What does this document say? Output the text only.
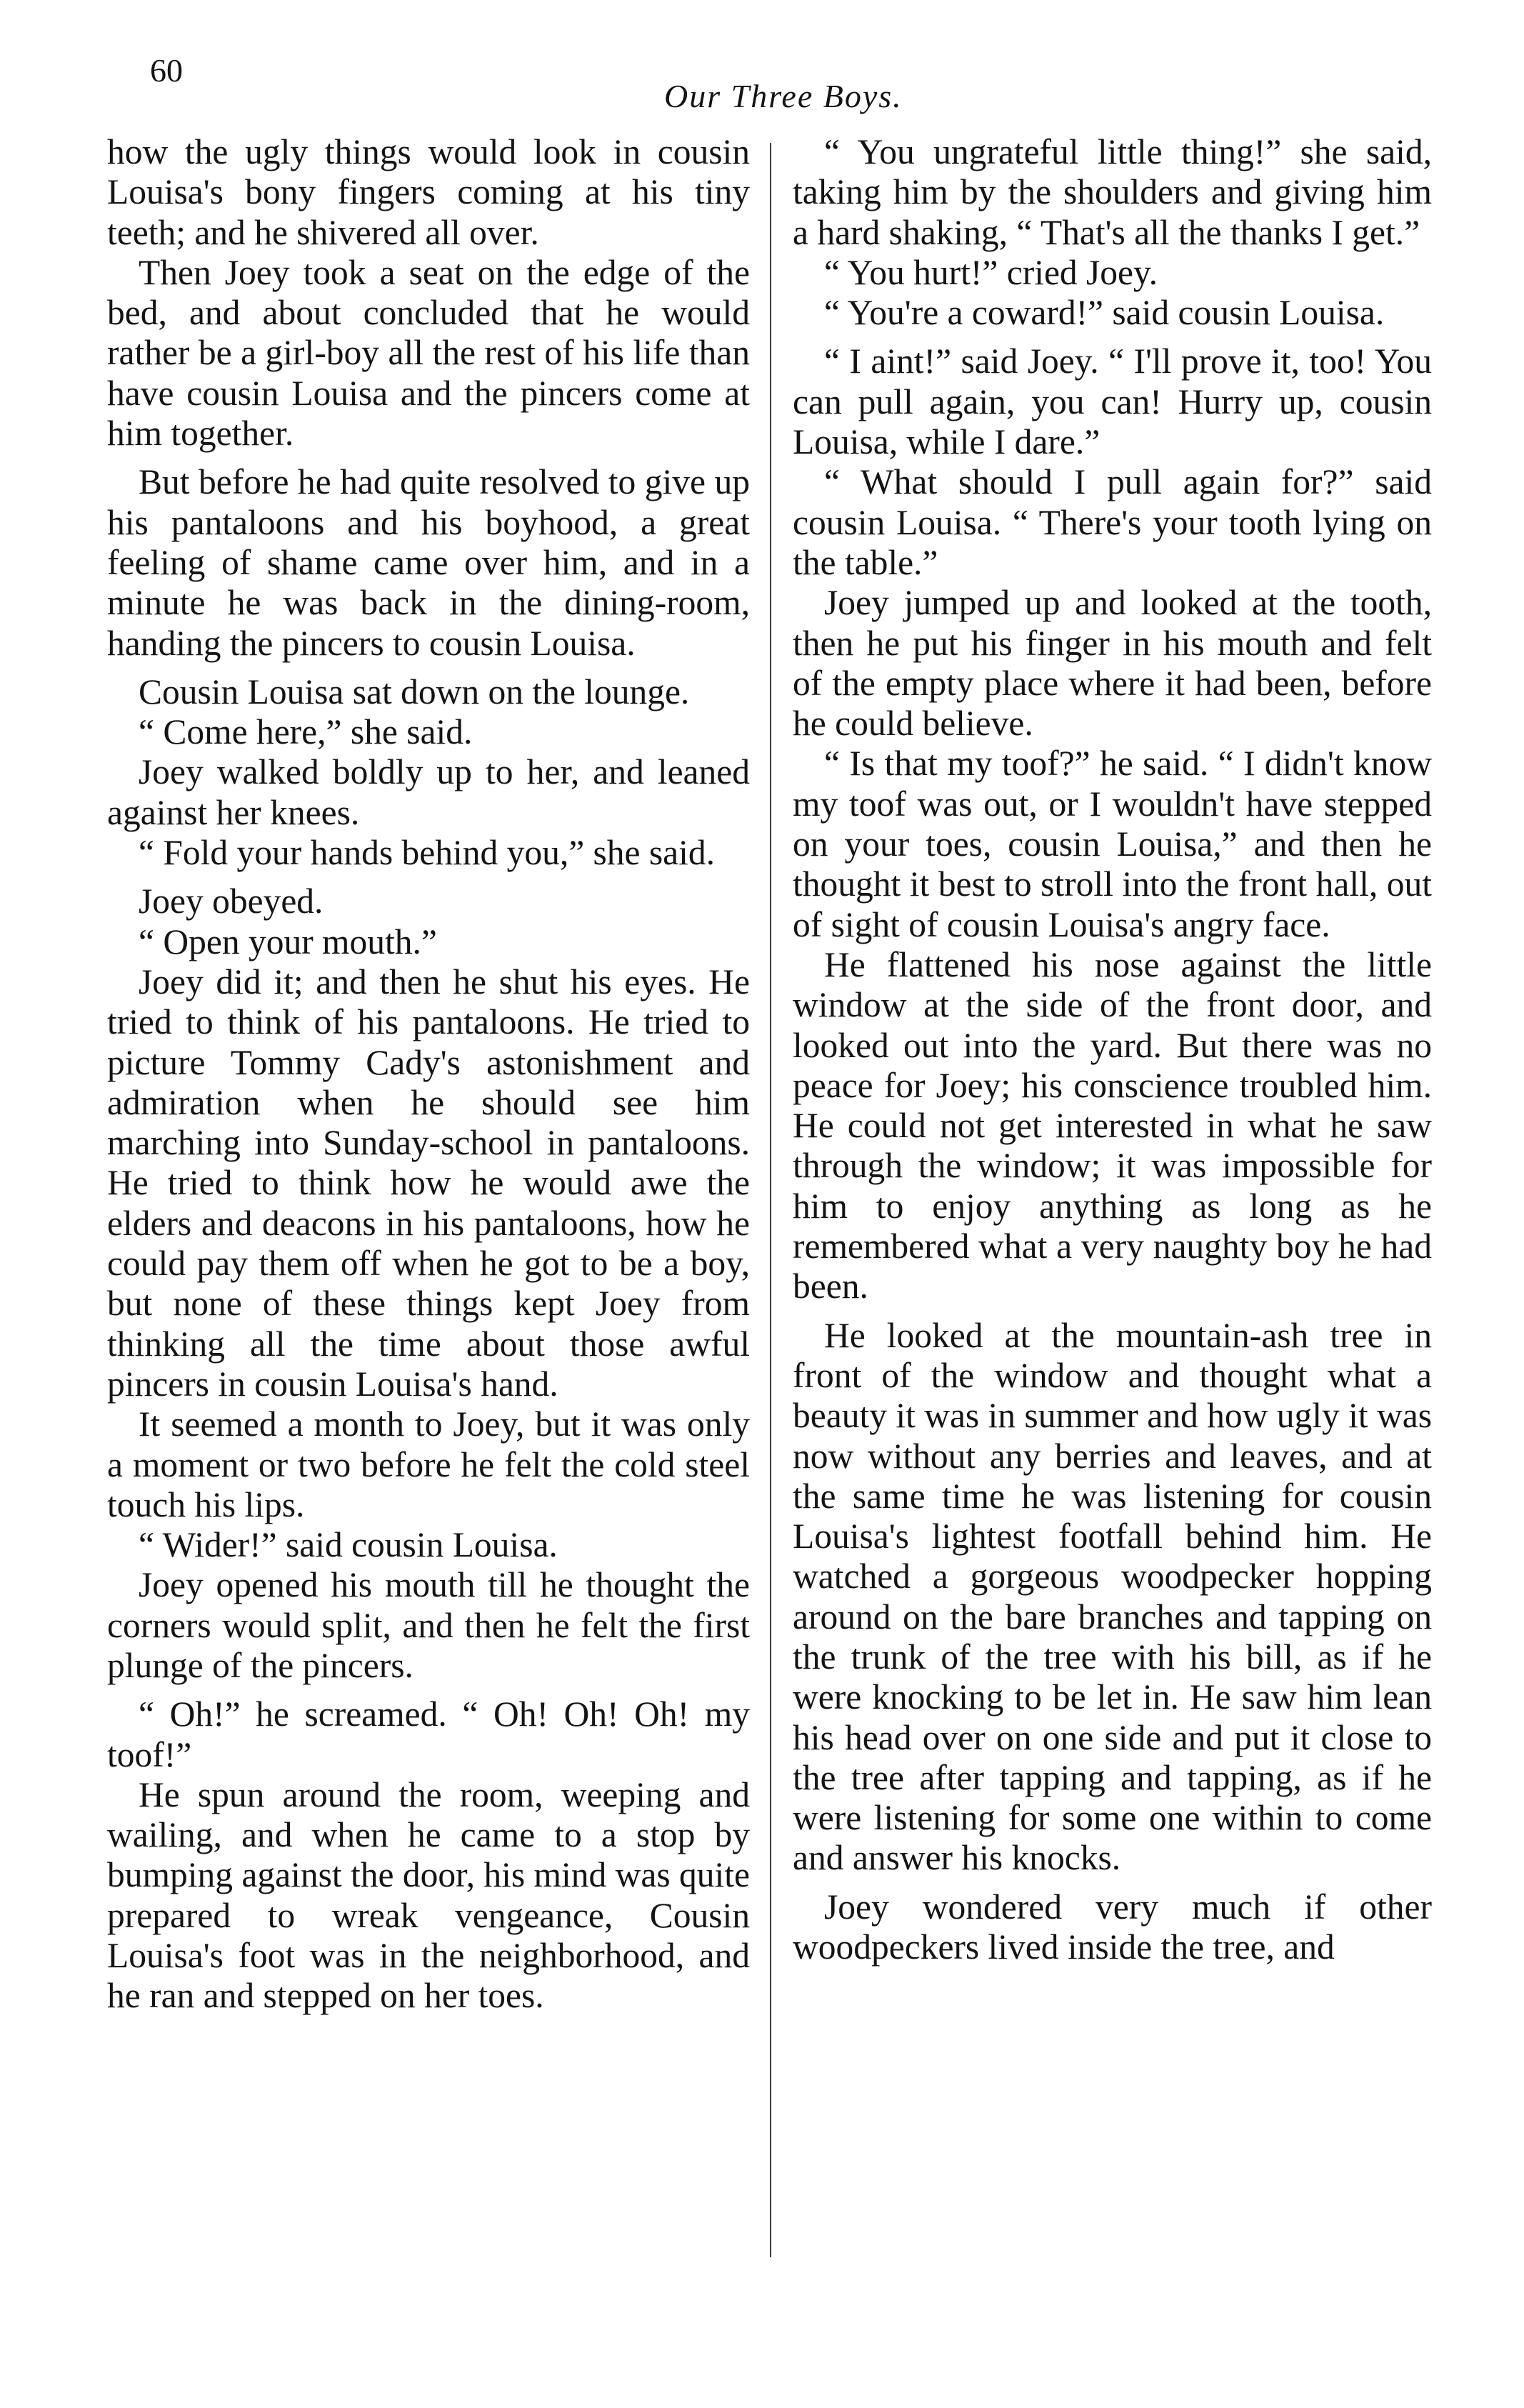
60
Our Three Boys.

how the ugly things would look in cousin Louisa's bony fingers coming at his tiny teeth; and he shivered all over.

Then Joey took a seat on the edge of the bed, and about concluded that he would rather be a girl-boy all the rest of his life than have cousin Louisa and the pincers come at him together.

But before he had quite resolved to give up his pantaloons and his boyhood, a great feeling of shame came over him, and in a minute he was back in the dining-room, handing the pincers to cousin Louisa.

Cousin Louisa sat down on the lounge.

“ Come here,” she said.

Joey walked boldly up to her, and leaned against her knees.

“ Fold your hands behind you,” she said.

Joey obeyed.

“ Open your mouth.”

Joey did it; and then he shut his eyes. He tried to think of his pantaloons. He tried to picture Tommy Cady's astonishment and admiration when he should see him marching into Sunday-school in pantaloons. He tried to think how he would awe the elders and deacons in his pantaloons, how he could pay them off when he got to be a boy, but none of these things kept Joey from thinking all the time about those awful pincers in cousin Louisa's hand.

It seemed a month to Joey, but it was only a moment or two before he felt the cold steel touch his lips.

“ Wider!” said cousin Louisa.

Joey opened his mouth till he thought the corners would split, and then he felt the first plunge of the pincers.

“ Oh!” he screamed. “ Oh! Oh! Oh! my toof!”

He spun around the room, weeping and wailing, and when he came to a stop by bumping against the door, his mind was quite prepared to wreak vengeance, Cousin Louisa's foot was in the neighborhood, and he ran and stepped on her toes.

“ You ungrateful little thing!” she said, taking him by the shoulders and giving him a hard shaking, “ That's all the thanks I get.”

“ You hurt!” cried Joey.

“ You're a coward!” said cousin Louisa.

“ I aint!” said Joey. “ I'll prove it, too! You can pull again, you can! Hurry up, cousin Louisa, while I dare.”

“ What should I pull again for?” said cousin Louisa. “ There's your tooth lying on the table.”

Joey jumped up and looked at the tooth, then he put his finger in his mouth and felt of the empty place where it had been, before he could believe.

“ Is that my toof?” he said. “ I didn't know my toof was out, or I wouldn't have stepped on your toes, cousin Louisa,” and then he thought it best to stroll into the front hall, out of sight of cousin Louisa's angry face.

He flattened his nose against the little window at the side of the front door, and looked out into the yard. But there was no peace for Joey; his conscience troubled him. He could not get interested in what he saw through the window; it was impossible for him to enjoy anything as long as he remembered what a very naughty boy he had been.

He looked at the mountain-ash tree in front of the window and thought what a beauty it was in summer and how ugly it was now without any berries and leaves, and at the same time he was listening for cousin Louisa's lightest footfall behind him. He watched a gorgeous woodpecker hopping around on the bare branches and tapping on the trunk of the tree with his bill, as if he were knocking to be let in. He saw him lean his head over on one side and put it close to the tree after tapping and tapping, as if he were listening for some one within to come and answer his knocks.

Joey wondered very much if other woodpeckers lived inside the tree, and
